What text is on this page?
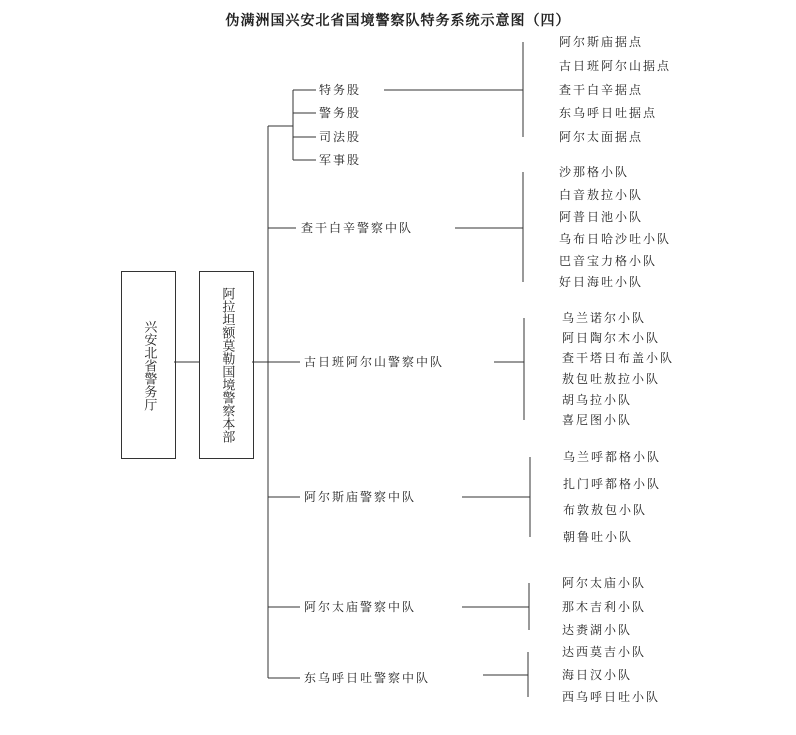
伪满洲国兴安北省国境警察队特务系统示意图（四）
兴安北省警务厅	阿拉坦额莫勒国境警察本部
特务股
警务股
司法股
军事股
查干白辛警察中队
古日班阿尔山警察中队
阿尔斯庙警察中队
阿尔太庙警察中队
东乌呼日吐警察中队
阿尔斯庙据点
古日班阿尔山据点
查干白辛据点
东乌呼日吐据点
阿尔太面据点
沙那格小队
白音敖拉小队
阿普日池小队
乌布日哈沙吐小队
巴音宝力格小队
好日海吐小队
乌兰诺尔小队
阿日陶尔木小队
查干塔日布盖小队
敖包吐敖拉小队
胡乌拉小队
喜尼图小队
乌兰呼都格小队
扎门呼都格小队
布敦敖包小队
朝鲁吐小队
阿尔太庙小队
那木吉利小队
达赉湖小队
达西莫吉小队
海日汉小队
西乌呼日吐小队
